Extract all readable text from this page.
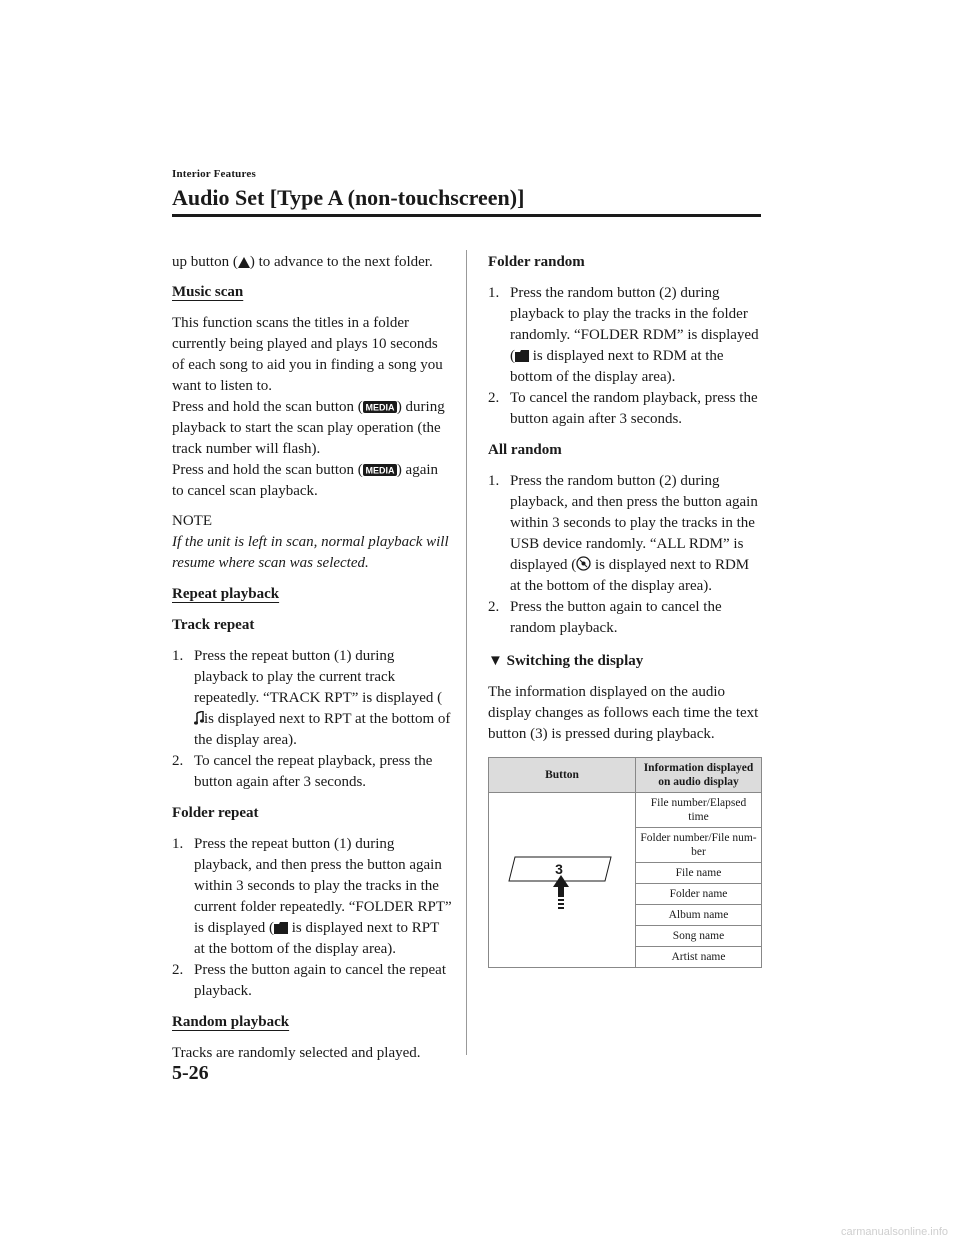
Interior Features
Audio Set [Type A (non-touchscreen)]

up button ( ) to advance to the next folder.

Music scan

This function scans the titles in a folder currently being played and plays 10 seconds of each song to aid you in finding a song you want to listen to.

Press and hold the scan button ( MEDIA ) during playback to start the scan play operation (the track number will flash).

Press and hold the scan button ( MEDIA ) again to cancel scan playback.

NOTE

If the unit is left in scan, normal playback will resume where scan was selected.

Repeat playback

Track repeat

1. Press the repeat button (1) during playback to play the current track repeatedly. “TRACK RPT” is displayed (is displayed next to RPT at the bottom of the display area).
2. To cancel the repeat playback, press the button again after 3 seconds.

Folder repeat

1. Press the repeat button (1) during playback, and then press the button again within 3 seconds to play the tracks in the current folder repeatedly. “FOLDER RPT” is displayed ( is displayed next to RPT at the bottom of the display area).
2. Press the button again to cancel the repeat playback.

Random playback

Tracks are randomly selected and played.

Folder random

1. Press the random button (2) during playback to play the tracks in the folder randomly. “FOLDER RDM” is displayed ( is displayed next to RDM at the bottom of the display area).
2. To cancel the random playback, press the button again after 3 seconds.

All random

1. Press the random button (2) during playback, and then press the button again within 3 seconds to play the tracks in the USB device randomly. “ALL RDM” is displayed ( is displayed next to RDM at the bottom of the display area).
2. Press the button again to cancel the random playback.

▼ Switching the display

The information displayed on the audio display changes as follows each time the text button (3) is pressed during playback.

Button	Information displayed on audio display

3	File number/Elapsed time
	Folder number/File num-ber
	File name
	Folder name
	Album name
	Song name
	Artist name
5-26
carmanualsonline.info
